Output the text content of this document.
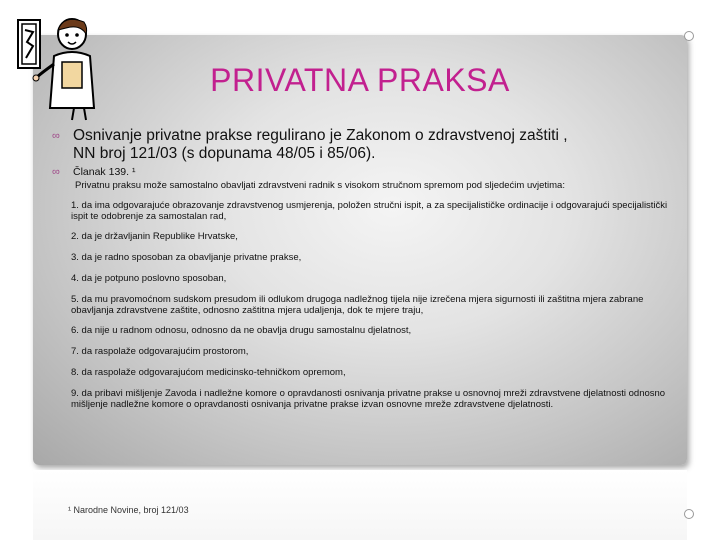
PRIVATNA PRAKSA
∞ Osnivanje privatne prakse regulirano je Zakonom o zdravstvenoj zaštiti ,
NN broj 121/03 (s dopunama 48/05 i 85/06).
∞ Članak 139. ¹
Privatnu praksu može samostalno obavljati zdravstveni radnik s visokom stručnom spremom pod sljedećim uvjetima:
1. da ima odgovarajuće obrazovanje zdravstvenog usmjerenja, položen stručni ispit, a za specijalističke ordinacije i odgovarajući specijalistički ispit te odobrenje za samostalan rad,
2. da je državljanin Republike Hrvatske,
3. da je radno sposoban za obavljanje privatne prakse,
4. da je potpuno poslovno sposoban,
5. da mu pravomoćnom sudskom presudom ili odlukom drugoga nadležnog tijela nije izrečena mjera sigurnosti ili zaštitna mjera zabrane obavljanja zdravstvene zaštite, odnosno zaštitna mjera udaljenja, dok te mjere traju,
6. da nije u radnom odnosu, odnosno da ne obavlja drugu samostalnu djelatnost,
7. da raspolaže odgovarajućim prostorom,
8. da raspolaže odgovarajućom medicinsko-tehničkom opremom,
9. da pribavi mišljenje Zavoda i nadležne komore o opravdanosti osnivanja privatne prakse u osnovnoj mreži zdravstvene djelatnosti odnosno mišljenje nadležne komore o opravdanosti osnivanja privatne prakse izvan osnovne mreže zdravstvene djelatnosti.
¹ Narodne Novine, broj 121/03
